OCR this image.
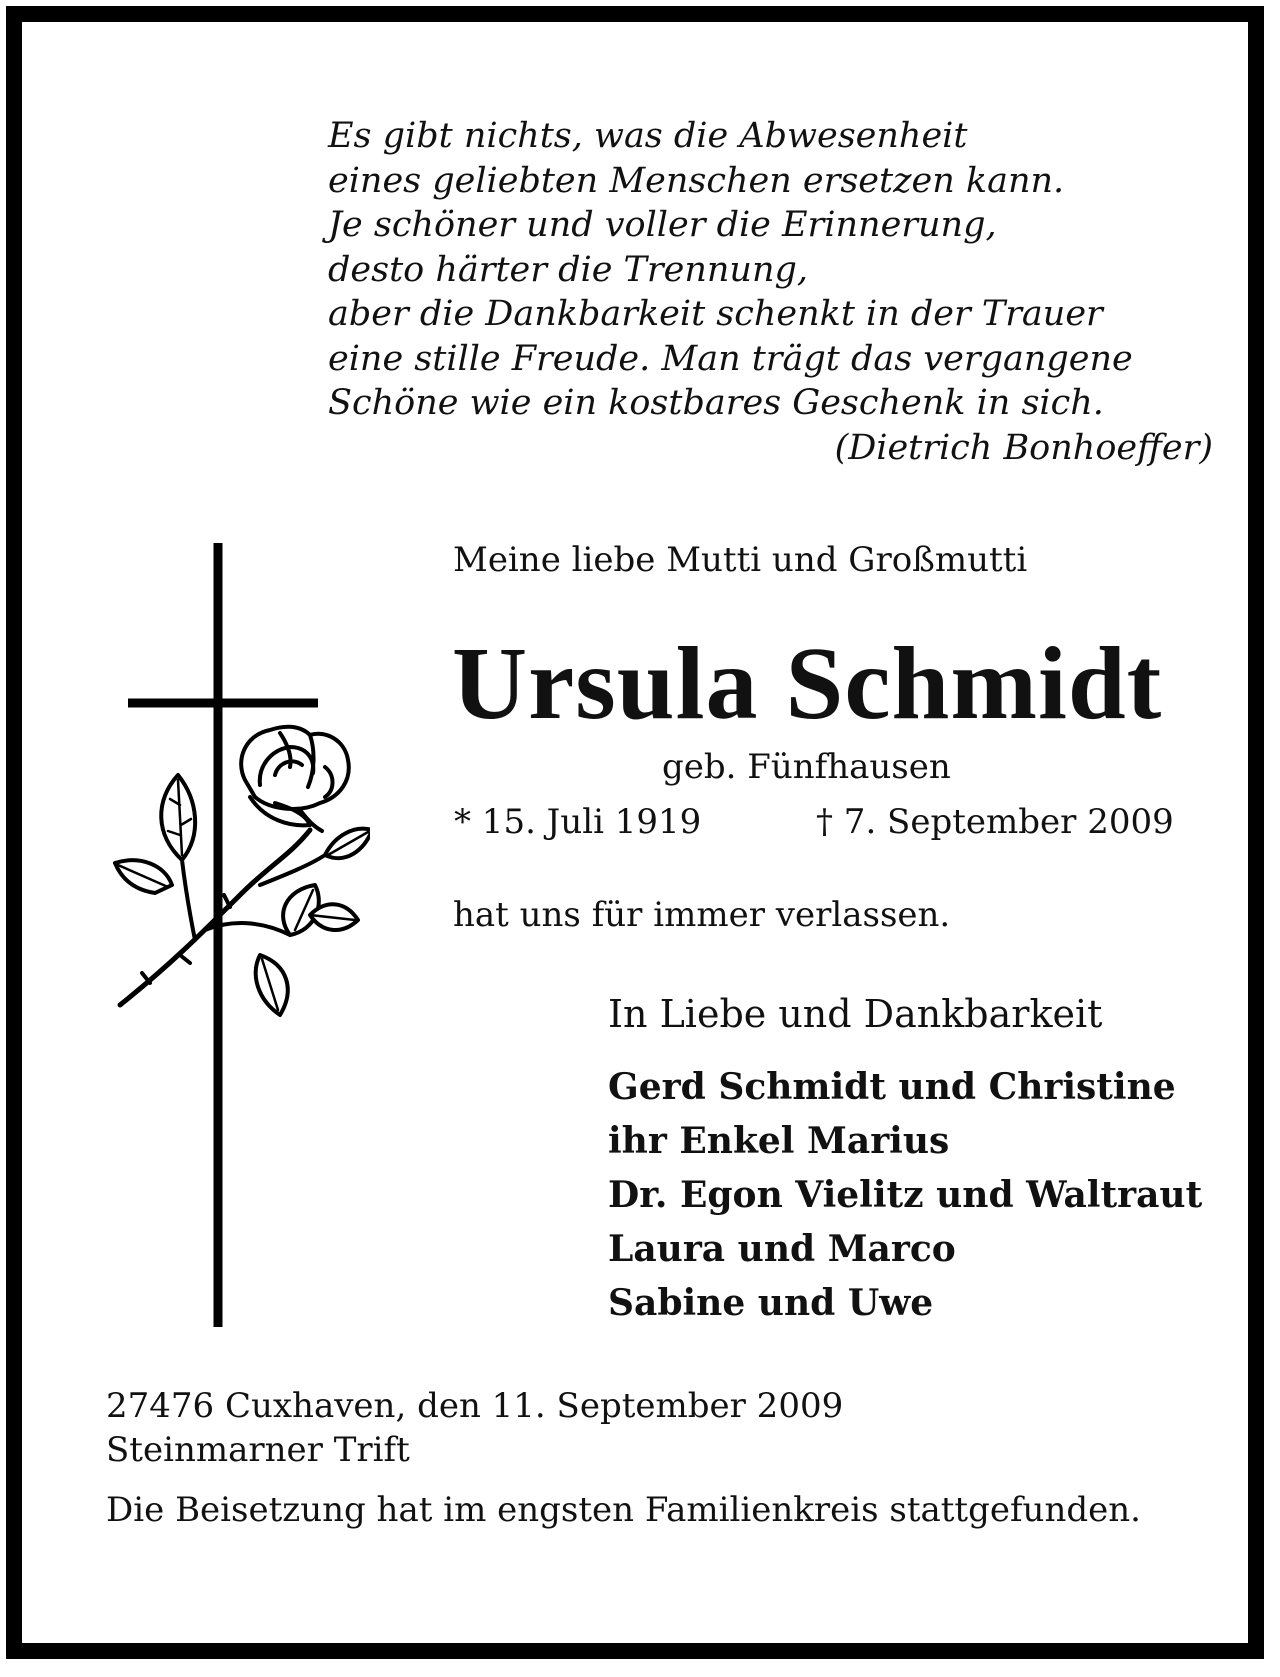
Es gibt nichts, was die Abwesenheit
eines geliebten Menschen ersetzen kann.
Je schöner und voller die Erinnerung,
desto härter die Trennung,
aber die Dankbarkeit schenkt in der Trauer
eine stille Freude. Man trägt das vergangene
Schöne wie ein kostbares Geschenk in sich.
(Dietrich Bonhoeffer)
Meine liebe Mutti und Großmutti
Ursula Schmidt
geb. Fünfhausen
* 15. Juli 1919	† 7. September 2009
hat uns für immer verlassen.
In Liebe und Dankbarkeit
Gerd Schmidt und Christine
ihr Enkel Marius
Dr. Egon Vielitz und Waltraut
Laura und Marco
Sabine und Uwe
27476 Cuxhaven, den 11. September 2009
Steinmarner Trift
Die Beisetzung hat im engsten Familienkreis stattgefunden.
